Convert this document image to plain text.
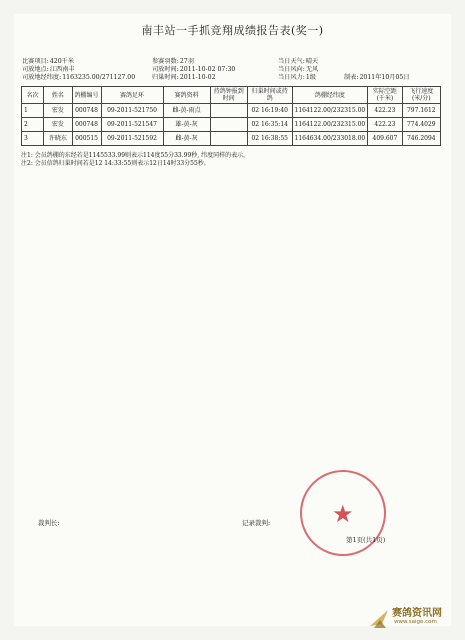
南丰站一手抓竞翔成绩报告表(奖一)
比赛项目:420千米	参赛羽数:27羽	当日天气:晴天
司放地点:江西南丰	司放时间:2011-10-02 07:30	当日风向:无风
司放地经纬度:1163235.00/271127.00	归巢时间:2011-10-02	当日风力:1级	制表:2011年10月05日
名次	姓名	鸽棚编号	赛鸽足环	赛鸽资料	持鸽钟报到时间	归巢时间或持鸽	鸽棚经纬度	实际空距(千米)	飞行速度(米/分)
1	宏发	000748	09-2011-521750	雌-黄-雨点		02 16:19:40	1164122.00/232315.00	422.23	797.1612
2	宏发	000748	09-2011-521547	雄-黄-灰		02 16:35:14	1164122.00/232315.00	422.23	774.4029
3	许晓东	000515	09-2011-521592	雌-黄-灰		02 16:38:55	1164634.00/233018.00	409.607	746.2094
注1: 会员鸽棚的东经若是1145533.99则表示114度55分33.99秒, 纬度同样的表示。
注2: 会员信鸽归巢时间若是12 14:33:55则表示12日14时33分55秒。
裁判长:	记录裁判:	★
第1页(共1页)
赛鸽资讯网
www.saige.com
